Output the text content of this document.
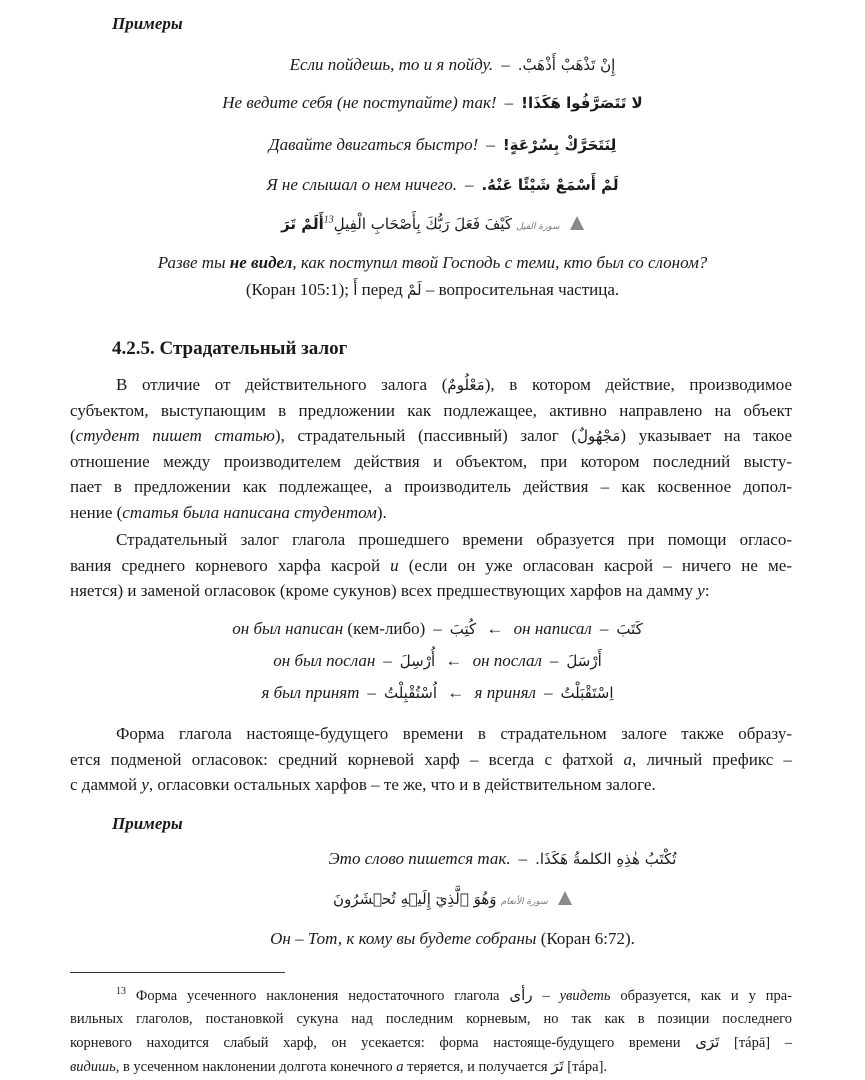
Примеры
Если пойдешь, то и я пойду. – إِنْ تَذْهَبْ أَذْهَبْ.
Не ведите себя (не поступайте) так! – لا تَتَصَرَّفُوا هَكَذَا!
Давайте двигаться быстро! – لِنَتَحَرَّكْ بِسُرْعَةٍ!
Я не слышал о нем ничего. – لَمْ أَسْمَعْ شَيْئًا عَنْهُ.
سورة الفيل كَيْفَ فَعَلَ رَبُّكَ بِأَصْحَابِ الْفِيلِ$^{13}$أَلَمْ تَرَ
Разве ты не видел, как поступил твой Господь с теми, кто был со слоном?
(Коран 105:1); أَ перед لَمْ – вопросительная частица.
4.2.5. Страдательный залог
В отличие от действительного залога (مَعْلُومٌ), в котором действие, производимое
субъектом, выступающим в предложении как подлежащее, активно направлено на объект
(студент пишет статью), страдательный (пассивный) залог (مَجْهُولٌ) указывает на такое
отношение между производителем действия и объектом, при котором последний высту-
пает в предложении как подлежащее, а производитель действия – как косвенное допол-
нение (статья была написана студентом).
Страдательный залог глагола прошедшего времени образуется при помощи огласо-
вания среднего корневого харфа касрой и (если он уже огласован касрой – ничего не ме-
няется) и заменой огласовок (кроме сукунов) всех предшествующих харфов на дамму у:
он был написан (кем-либо) – كُتِبَ ← он написал – كَتَبَ
он был послан – أُرْسِلَ ← он послал – أَرْسَلَ
я был принят – اُسْتُقْبِلْتُ ← я принял – اِسْتَقْبَلْتُ
Форма глагола настояще-будущего времени в страдательном залоге также образу-
ется подменой огласовок: средний корневой харф – всегда с фатхой а, личный префикс –
с даммой у, огласовки остальных харфов – те же, что и в действительном залоге.
Примеры
Это слово пишется так. – تُكْتَبُ هٰذِهِ الكلمةُ هَكَذَا.
سورة الأنعام وَهُوَ ٱلَّذِيٓ إِلَيۡهِ تُحۡشَرُونَ
Он – Тот, к кому вы будете собраны (Коран 6:72).
$^{13}$ Форма усеченного наклонения недостаточного глагола رأى – увидеть образуется, как и у пра-
вильных глаголов, постановкой сукуна над последним корневым, но так как в позиции последнего
корневого находится слабый харф, он усекается: форма настояще-будущего времени تَرَى [тáрā] –
видишь, в усеченном наклонении долгота конечного а теряется, и получается تَرَ [тáра].
